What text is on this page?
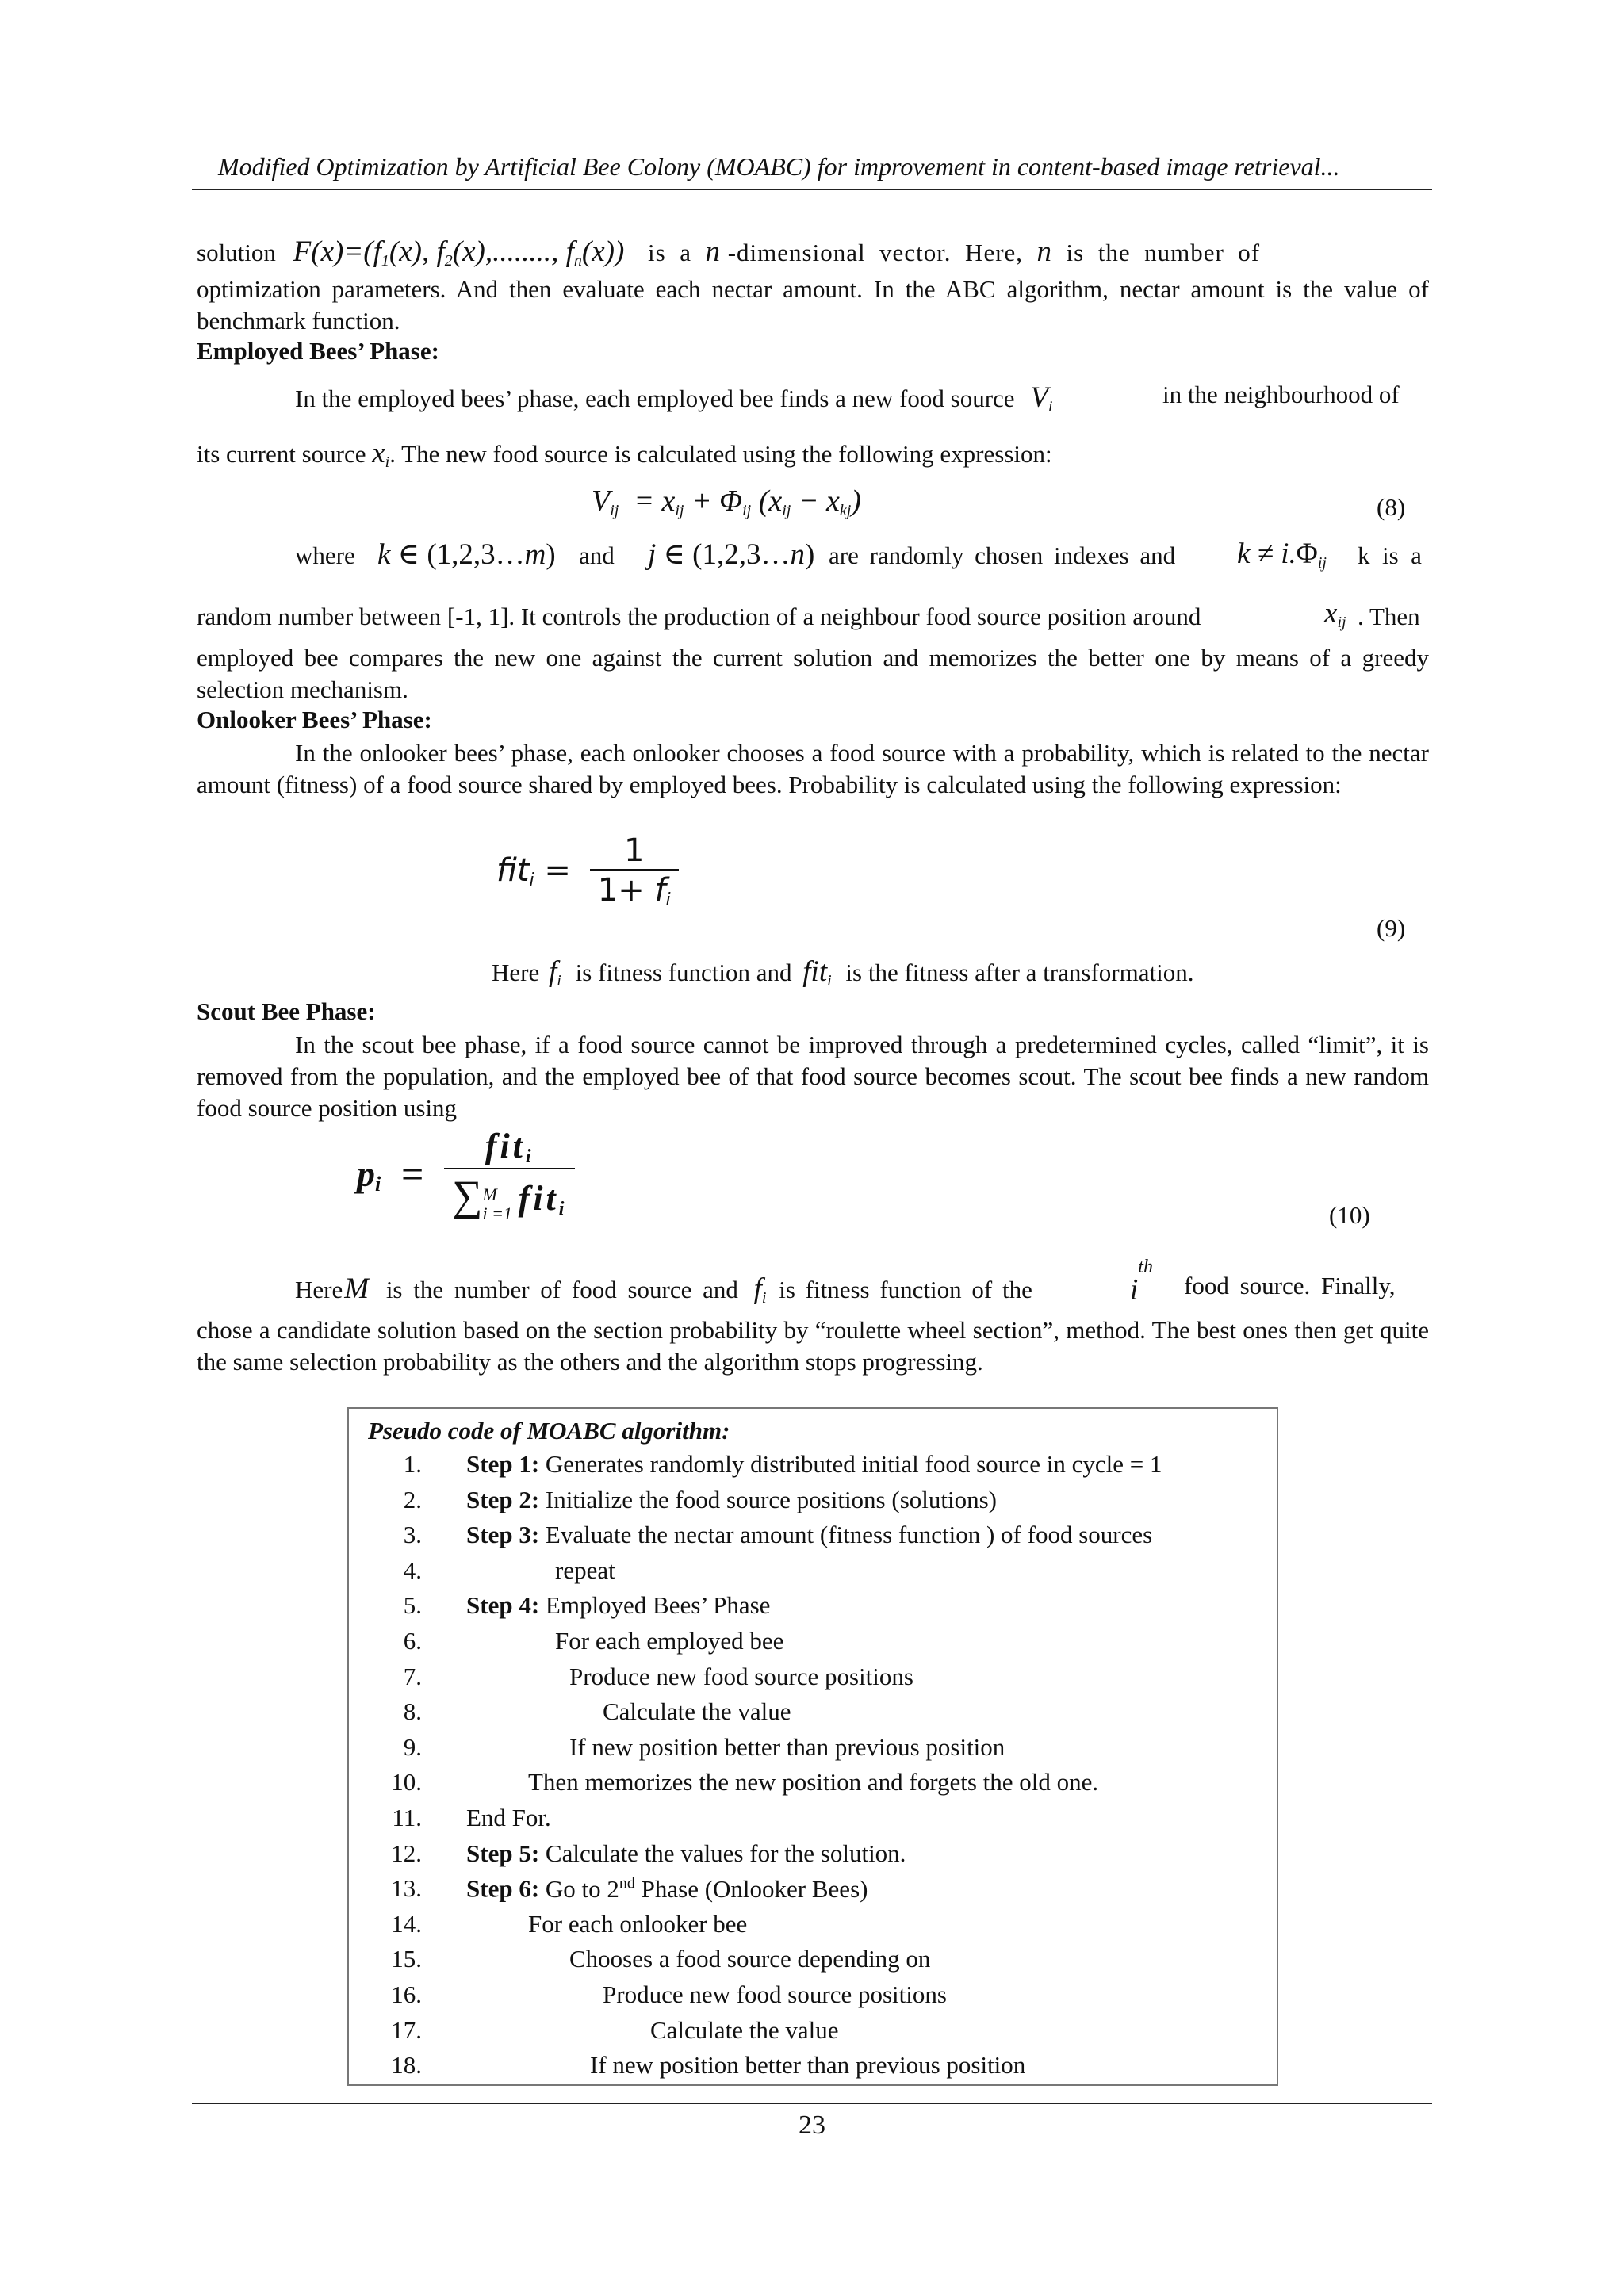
Modified Optimization by Artificial Bee Colony (MOABC) for improvement in content-based image retrieval...
solution $F(x)=(f_1(x)$, $f_2(x)$,........, $f_n(x)$) is  a  n -dimensional  vector.  Here,  n  is  the  number  of
optimization parameters. And then evaluate each nectar amount. In the ABC algorithm, nectar amount is the value of benchmark function.
Employed Bees’ Phase:
In the employed bees’ phase, each employed bee finds a new food source $V_i$	in the neighbourhood of
its current source $x_i$. The new food source is calculated using the following expression:
$V_{ij} = x_{ij} + \Phi_{ij}$ $(x_{ij} - x_{kj})$	(8)
where k ∈ (1,2,3…m) and j ∈ (1,2,3…n) are randomly chosen indexes and $k \ne i.\Phi_{ij}$ k  is  a
random number between [-1, 1]. It controls the production of a neighbour food source position around	$x_{ij}$ . Then
employed bee compares the new one against the current solution and memorizes the better one by means of a greedy selection mechanism.
Onlooker Bees’ Phase:
In the onlooker bees’ phase, each onlooker chooses a food source with a probability, which is related to the nectar amount (fitness) of a food source shared by employed bees. Probability is calculated using the following expression:
$fit_i = \frac{1}{1+ f_i}$
(9)
Here $f_i$ is fitness function and fit$_i$ is the fitness after a transformation.
Scout Bee Phase:
In the scout bee phase, if a food source cannot be improved through a predetermined cycles, called “limit”, it is removed from the population, and the employed bee of that food source becomes scout. The scout bee finds a new random food source position using
$p_i = fit_i$
∑ M
i =1 fit$_i$	(10)
HereM is the number of food source and $f_i$ is fitness function of the	$i^{th}$
food source. Finally,
chose a candidate solution based on the section probability by “roulette wheel section”, method. The best ones then get quite the same selection probability as the others and the algorithm stops progressing.
Pseudo code of MOABC algorithm:
1. Step 1: Generates randomly distributed initial food source in cycle = 1
2. Step 2: Initialize the food source positions (solutions)
3. Step 3: Evaluate the nectar amount (fitness function ) of food sources
4.	repeat
5. Step 4: Employed Bees’ Phase
6.	For each employed bee
7.	Produce new food source positions
8.	Calculate the value
9.	If new position better than previous position
10.	Then memorizes the new position and forgets the old one.
11. End For.
12. Step 5: Calculate the values for the solution.
13. Step 6: Go to 2nd Phase (Onlooker Bees)
14.	For each onlooker bee
15.	Chooses a food source depending on
16.	Produce new food source positions
17.	Calculate the value
18.	If new position better than previous position
23
